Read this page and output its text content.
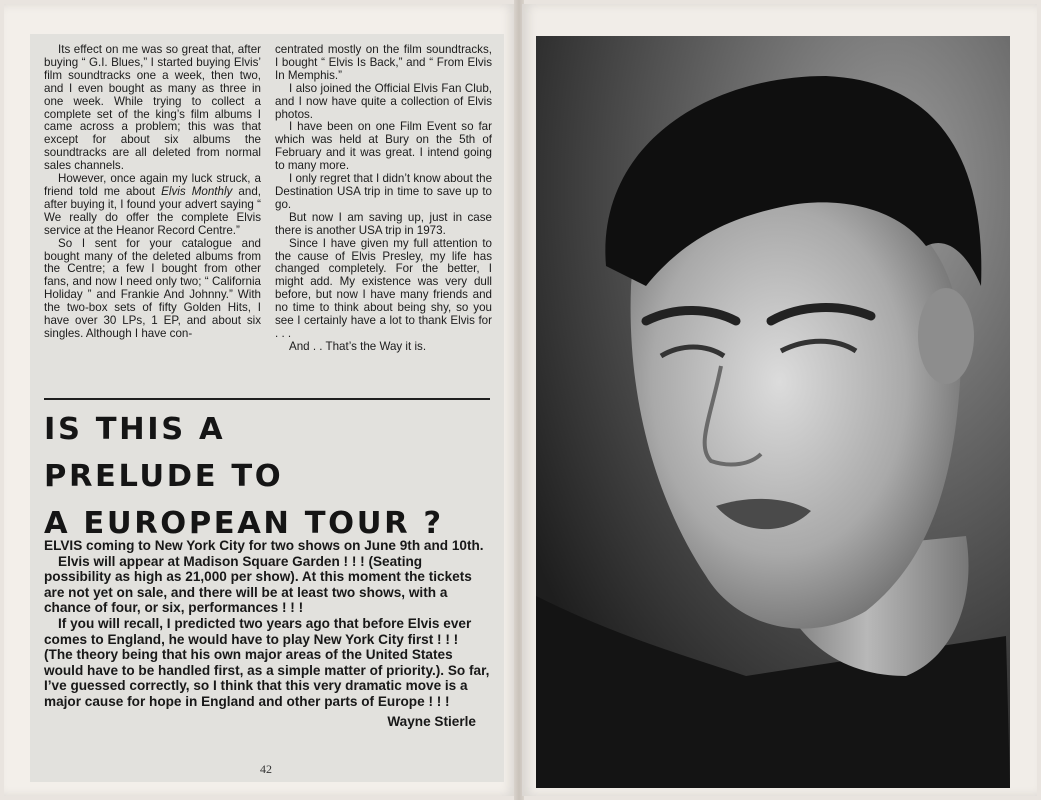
Its effect on me was so great that, after buying “ G.I. Blues,” I started buying Elvis’ film soundtracks one a week, then two, and I even bought as many as three in one week. While trying to collect a complete set of the king’s film albums I came across a problem; this was that except for about six albums the soundtracks are all deleted from normal sales channels.

However, once again my luck struck, a friend told me about Elvis Monthly and, after buying it, I found your advert saying “ We really do offer the complete Elvis service at the Heanor Record Centre.”

So I sent for your catalogue and bought many of the deleted albums from the Centre; a few I bought from other fans, and now I need only two; “ California Holiday ” and Frankie And Johnny.” With the two-box sets of fifty Golden Hits, I have over 30 LPs, 1 EP, and about six singles. Although I have con-

centrated mostly on the film soundtracks, I bought “ Elvis Is Back,” and “ From Elvis In Memphis.”

I also joined the Official Elvis Fan Club, and I now have quite a collection of Elvis photos.

I have been on one Film Event so far which was held at Bury on the 5th of February and it was great. I intend going to many more.

I only regret that I didn’t know about the Destination USA trip in time to save up to go.

But now I am saving up, just in case there is another USA trip in 1973.

Since I have given my full attention to the cause of Elvis Presley, my life has changed completely. For the better, I might add. My existence was very dull before, but now I have many friends and no time to think about being shy, so you see I certainly have a lot to thank Elvis for . . .

And . . That’s the Way it is.

IS THIS A
PRELUDE TO
A EUROPEAN TOUR ?

ELVIS coming to New York City for two shows on June 9th and 10th.

Elvis will appear at Madison Square Garden ! ! ! (Seating possibility as high as 21,000 per show). At this moment the tickets are not yet on sale, and there will be at least two shows, with a chance of four, or six, performances ! ! !

If you will recall, I predicted two years ago that before Elvis ever comes to England, he would have to play New York City first ! ! ! (The theory being that his own major areas of the United States would have to be handled first, as a simple matter of priority.). So far, I’ve guessed correctly, so I think that this very dramatic move is a major cause for hope in England and other parts of Europe ! ! !

Wayne Stierle
42
